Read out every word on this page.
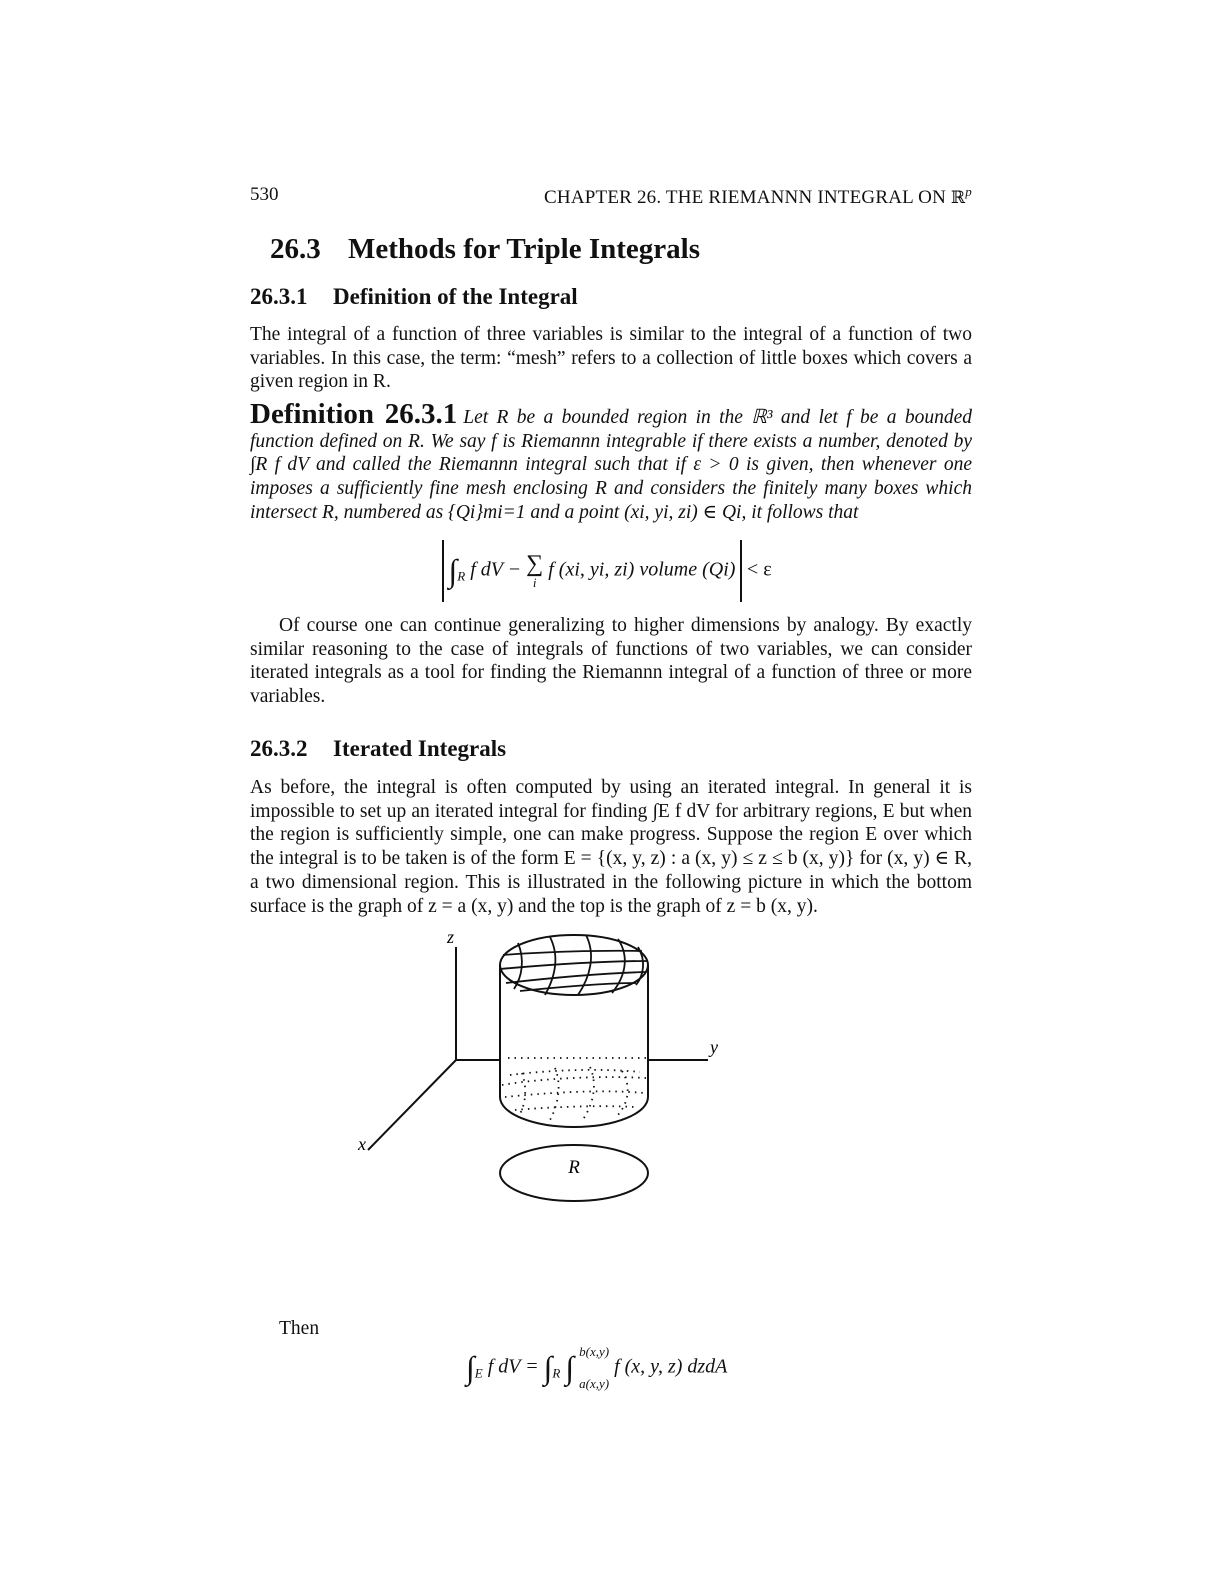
530	CHAPTER 26. THE RIEMANNN INTEGRAL ON ℝ$^p$
26.3 Methods for Triple Integrals
26.3.1 Definition of the Integral

The integral of a function of three variables is similar to the integral of a function of two variables. In this case, the term: “mesh” refers to a collection of little boxes which covers a given region in R.

Definition 26.3.1 Let R be a bounded region in the ℝ³ and let f be a bounded function defined on R. We say f is Riemannn integrable if there exists a number, denoted by ∫R f dV and called the Riemannn integral such that if ε > 0 is given, then whenever one imposes a sufficiently fine mesh enclosing R and considers the finitely many boxes which intersect R, numbered as {Qi}mi=1 and a point (xi, yi, zi) ∈ Qi, it follows that

$\int_R$ f dV − ∑
i
f (xi, yi, zi) volume (Qi) < ε

Of course one can continue generalizing to higher dimensions by analogy. By exactly similar reasoning to the case of integrals of functions of two variables, we can consider iterated integrals as a tool for finding the Riemannn integral of a function of three or more variables.

26.3.2 Iterated Integrals

As before, the integral is often computed by using an iterated integral. In general it is impossible to set up an iterated integral for finding ∫E f dV for arbitrary regions, E but when the region is sufficiently simple, one can make progress. Suppose the region E over which the integral is to be taken is of the form E = {(x, y, z) : a (x, y) ≤ z ≤ b (x, y)} for (x, y) ∈ R, a two dimensional region. This is illustrated in the following picture in which the bottom surface is the graph of z = a (x, y) and the top is the graph of z = b (x, y).

z
y
x
R
Then
$\int_E$ f dV = $\int_R$ ∫ b(x,y)
a(x,y)
f (x, y, z) dzdA
